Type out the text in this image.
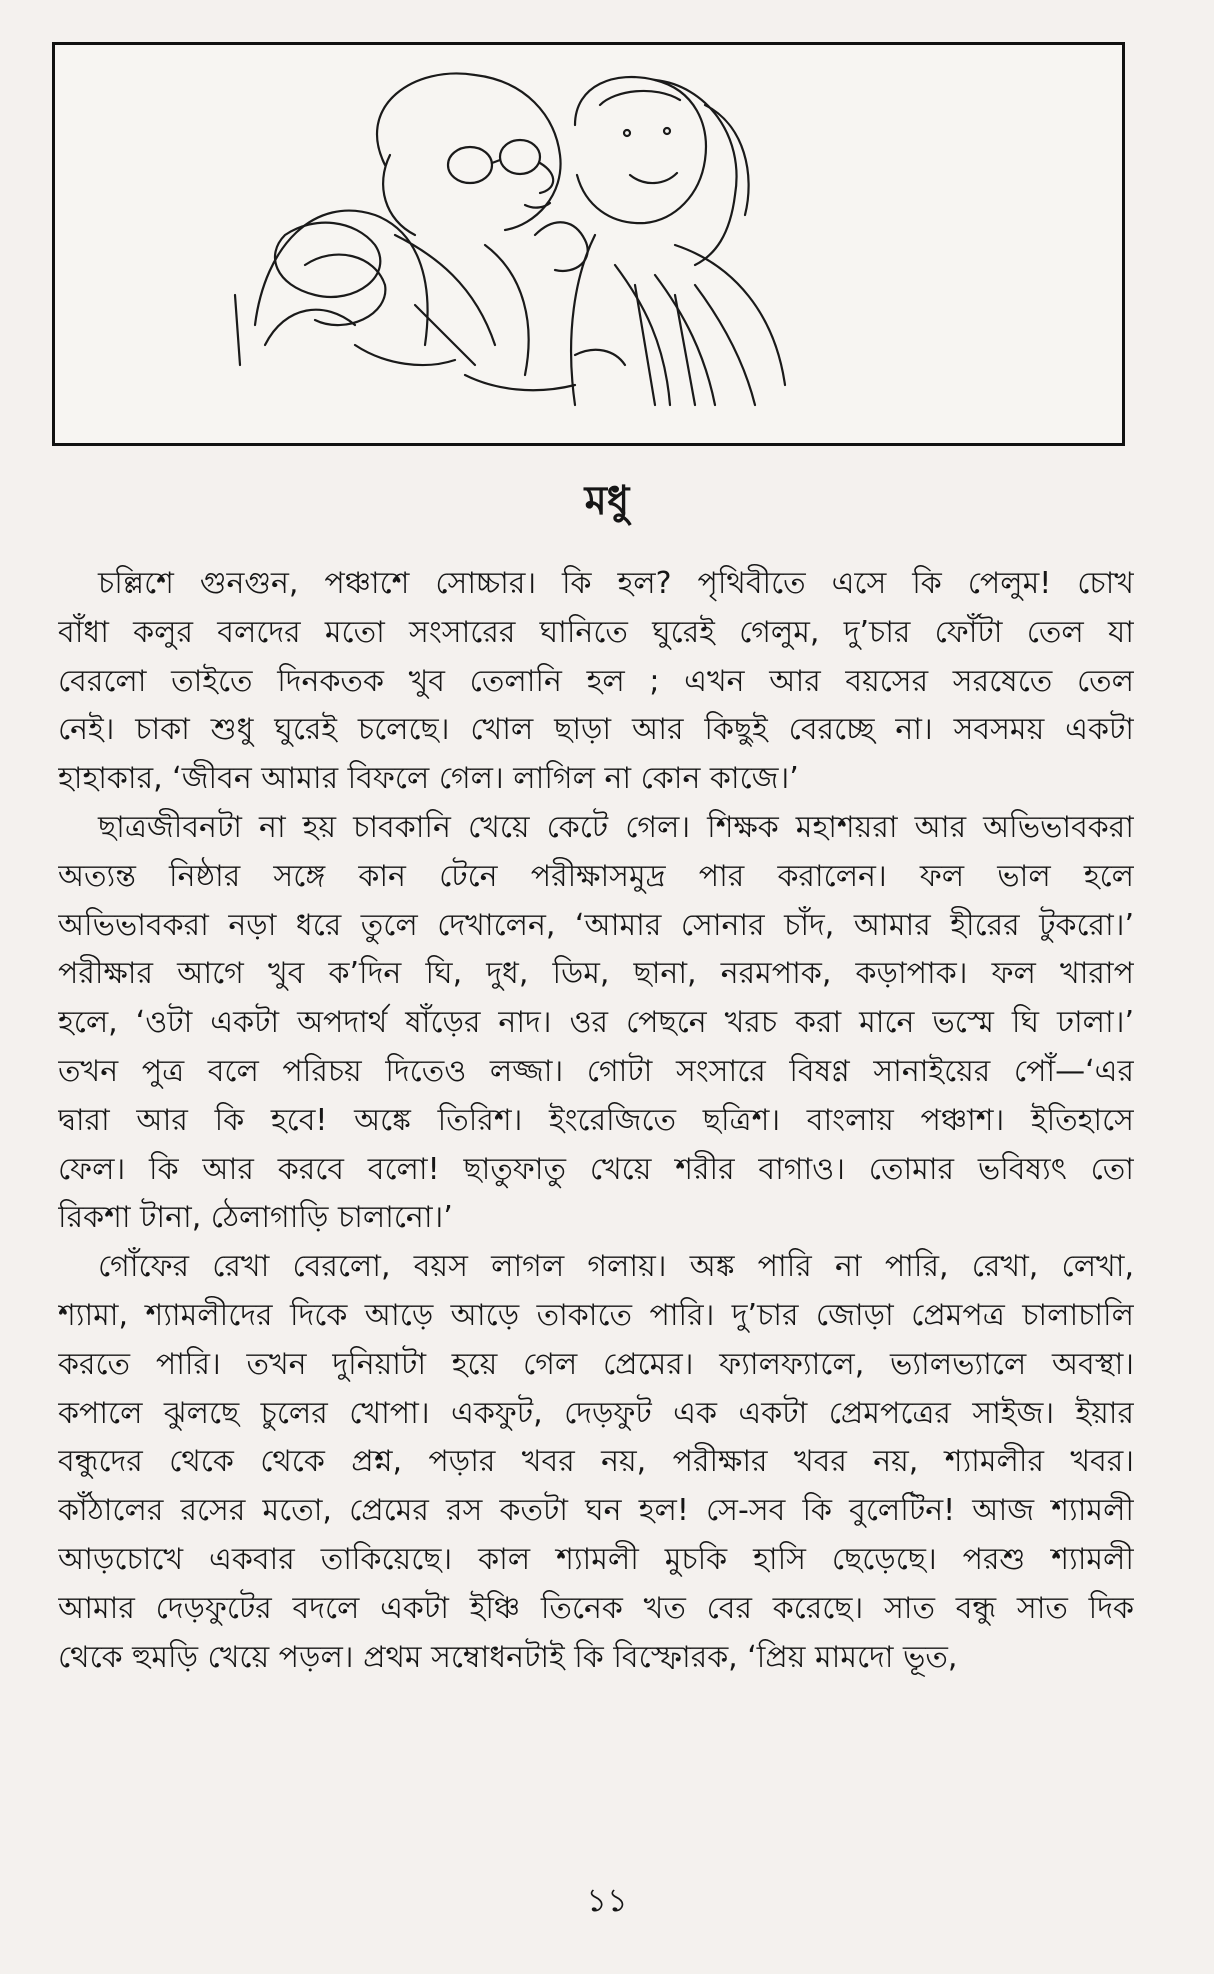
মধু
চল্লিশে গুনগুন, পঞ্চাশে সোচ্চার। কি হল? পৃথিবীতে এসে কি পেলুম! চোখ
বাঁধা কলুর বলদের মতো সংসারের ঘানিতে ঘুরেই গেলুম, দু’চার ফোঁটা তেল যা
বেরলো তাইতে দিনকতক খুব তেলানি হল ; এখন আর বয়সের সরষেতে তেল
নেই। চাকা শুধু ঘুরেই চলেছে। খোল ছাড়া আর কিছুই বেরচ্ছে না। সবসময় একটা
হাহাকার, ‘জীবন আমার বিফলে গেল। লাগিল না কোন কাজে।’
ছাত্রজীবনটা না হয় চাবকানি খেয়ে কেটে গেল। শিক্ষক মহাশয়রা আর অভিভাবকরা
অত্যন্ত নিষ্ঠার সঙ্গে কান টেনে পরীক্ষাসমুদ্র পার করালেন। ফল ভাল হলে
অভিভাবকরা নড়া ধরে তুলে দেখালেন, ‘আমার সোনার চাঁদ, আমার হীরের টুকরো।’
পরীক্ষার আগে খুব ক’দিন ঘি, দুধ, ডিম, ছানা, নরমপাক, কড়াপাক। ফল খারাপ
হলে, ‘ওটা একটা অপদার্থ ষাঁড়ের নাদ। ওর পেছনে খরচ করা মানে ভস্মে ঘি ঢালা।’
তখন পুত্র বলে পরিচয় দিতেও লজ্জা। গোটা সংসারে বিষণ্ণ সানাইয়ের পোঁ—‘এর
দ্বারা আর কি হবে! অঙ্কে তিরিশ। ইংরেজিতে ছত্রিশ। বাংলায় পঞ্চাশ। ইতিহাসে
ফেল। কি আর করবে বলো! ছাতুফাতু খেয়ে শরীর বাগাও। তোমার ভবিষ্যৎ তো
রিকশা টানা, ঠেলাগাড়ি চালানো।’
গোঁফের রেখা বেরলো, বয়স লাগল গলায়। অঙ্ক পারি না পারি, রেখা, লেখা,
শ্যামা, শ্যামলীদের দিকে আড়ে আড়ে তাকাতে পারি। দু’চার জোড়া প্রেমপত্র চালাচালি
করতে পারি। তখন দুনিয়াটা হয়ে গেল প্রেমের। ফ্যালফ্যালে, ভ্যালভ্যালে অবস্থা।
কপালে ঝুলছে চুলের খোপা। একফুট, দেড়ফুট এক একটা প্রেমপত্রের সাইজ। ইয়ার
বন্ধুদের থেকে থেকে প্রশ্ন, পড়ার খবর নয়, পরীক্ষার খবর নয়, শ্যামলীর খবর।
কাঁঠালের রসের মতো, প্রেমের রস কতটা ঘন হল! সে-সব কি বুলেটিন! আজ শ্যামলী
আড়চোখে একবার তাকিয়েছে। কাল শ্যামলী মুচকি হাসি ছেড়েছে। পরশু শ্যামলী
আমার দেড়ফুটের বদলে একটা ইঞ্চি তিনেক খত বের করেছে। সাত বন্ধু সাত দিক
থেকে হুমড়ি খেয়ে পড়ল। প্রথম সম্বোধনটাই কি বিস্ফোরক, ‘প্রিয় মামদো ভূত,
১১
